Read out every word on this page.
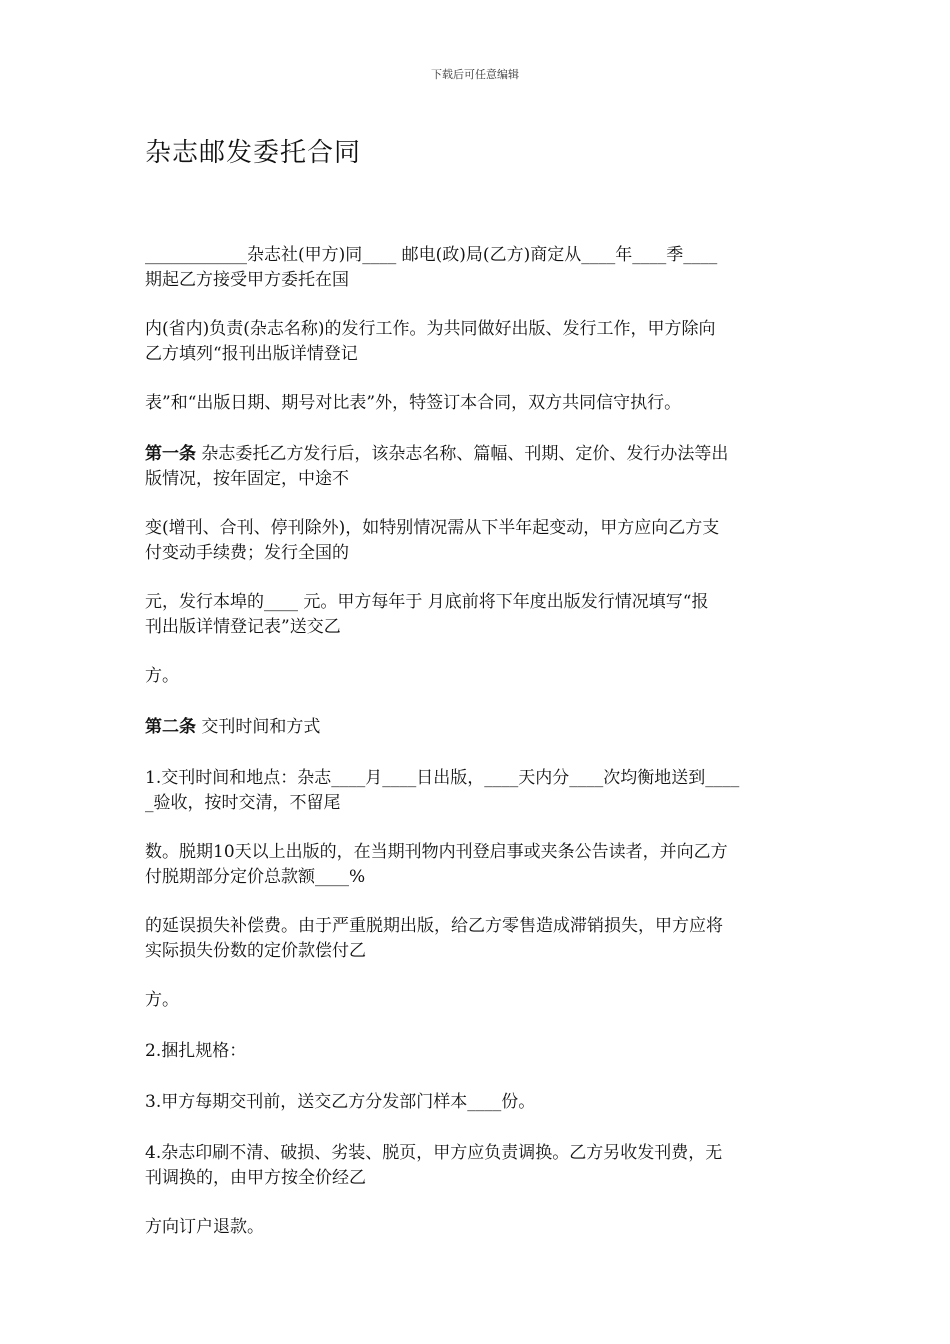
下载后可任意编辑
杂志邮发委托合同

____________杂志社(甲方)同____ 邮电(政)局(乙方)商定从____年____季____
期起乙方接受甲方委托在国

内(省内)负责(杂志名称)的发行工作。为共同做好出版、发行工作，甲方除向
乙方填列“报刊出版详情登记

表”和“出版日期、期号对比表”外，特签订本合同，双方共同信守执行。

第一条 杂志委托乙方发行后，该杂志名称、篇幅、刊期、定价、发行办法等出
版情况，按年固定，中途不

变(增刊、合刊、停刊除外)，如特别情况需从下半年起变动，甲方应向乙方支
付变动手续费；发行全国的

元，发行本埠的____ 元。甲方每年于 月底前将下年度出版发行情况填写“报
刊出版详情登记表”送交乙

方。

第二条 交刊时间和方式

1.交刊时间和地点：杂志____月____日出版，____天内分____次均衡地送到____
_验收，按时交清，不留尾

数。脱期10天以上出版的，在当期刊物内刊登启事或夹条公告读者，并向乙方
付脱期部分定价总款额____%

的延误损失补偿费。由于严重脱期出版，给乙方零售造成滞销损失，甲方应将
实际损失份数的定价款偿付乙

方。

2.捆扎规格：

3.甲方每期交刊前，送交乙方分发部门样本____份。

4.杂志印刷不清、破损、劣装、脱页，甲方应负责调换。乙方另收发刊费，无
刊调换的，由甲方按全价经乙

方向订户退款。
